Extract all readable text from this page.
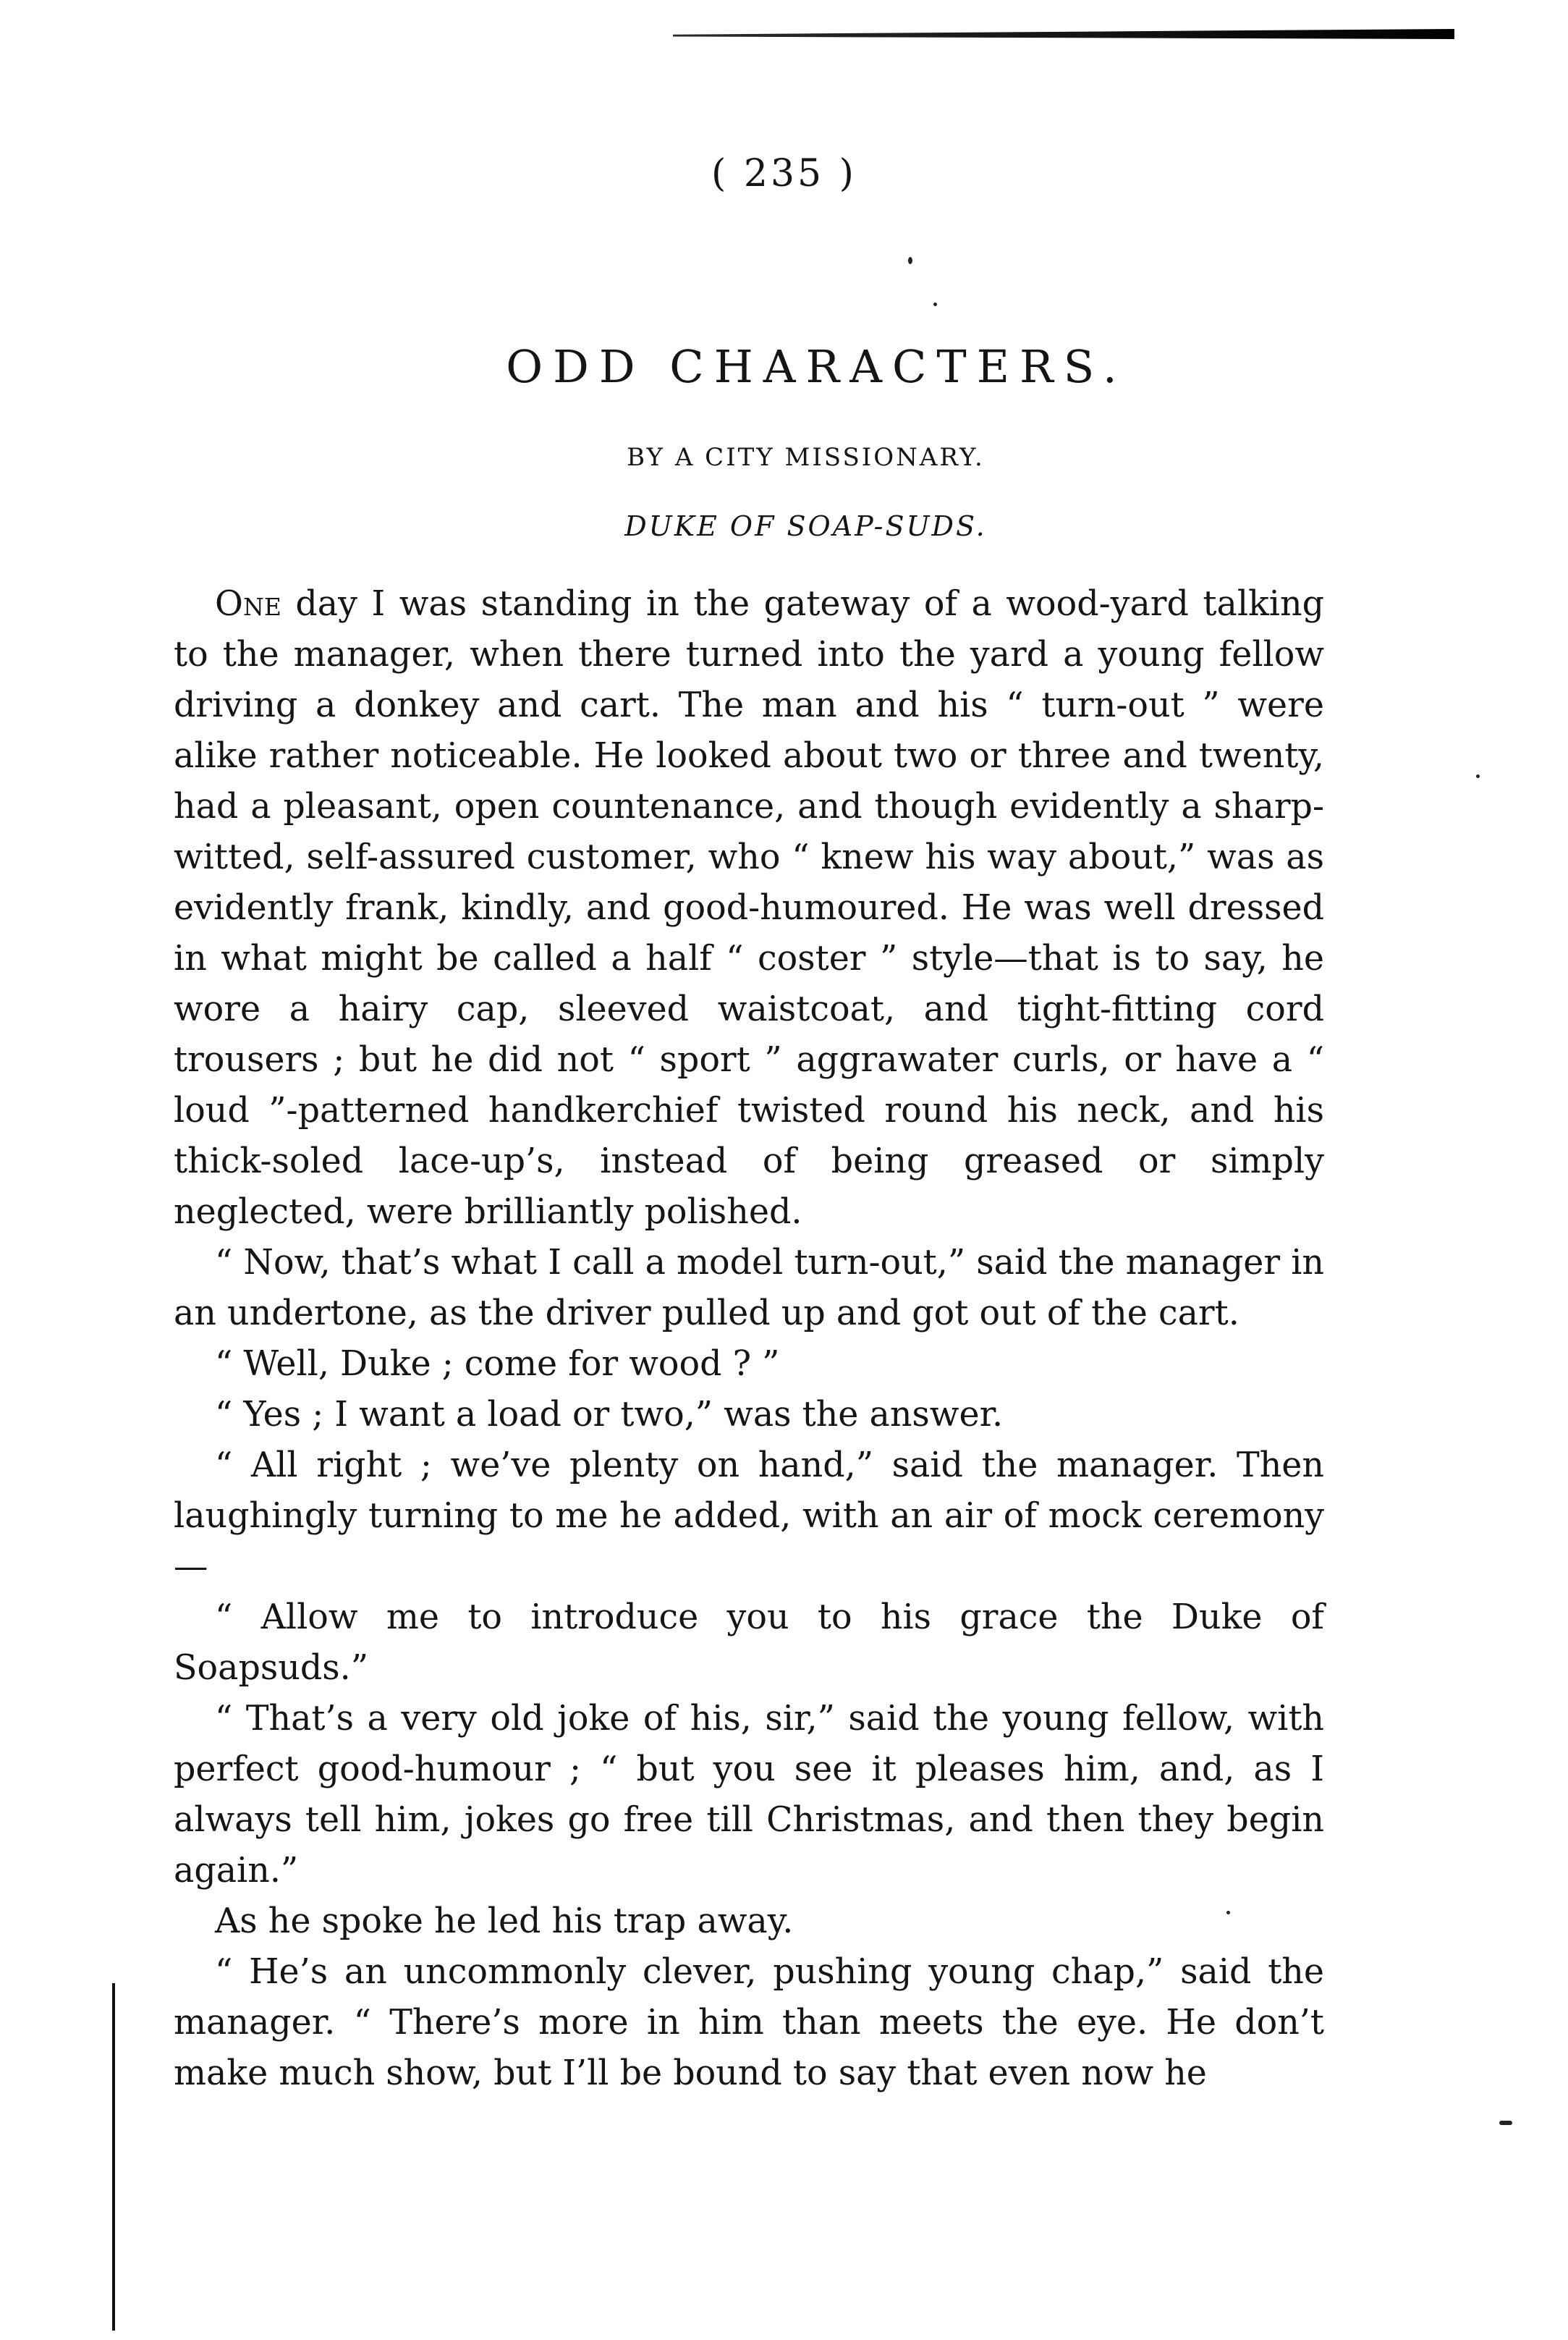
( 235 )
ODD CHARACTERS.
BY A CITY MISSIONARY.
DUKE OF SOAP-SUDS.

One day I was standing in the gateway of a wood-yard talking to the manager, when there turned into the yard a young fellow driving a donkey and cart. The man and his “ turn-out ” were alike rather noticeable. He looked about two or three and twenty, had a pleasant, open countenance, and though evidently a sharp-witted, self-assured customer, who “ knew his way about,” was as evidently frank, kindly, and good-humoured. He was well dressed in what might be called a half “ coster ” style—that is to say, he wore a hairy cap, sleeved waistcoat, and tight-fitting cord trousers ; but he did not “ sport ” aggrawater curls, or have a “ loud ”-patterned handkerchief twisted round his neck, and his thick-soled lace-up’s, instead of being greased or simply neglected, were brilliantly polished.

“ Now, that’s what I call a model turn-out,” said the manager in an undertone, as the driver pulled up and got out of the cart.

“ Well, Duke ; come for wood ? ”

“ Yes ; I want a load or two,” was the answer.

“ All right ; we’ve plenty on hand,” said the manager. Then laughingly turning to me he added, with an air of mock ceremony—

“ Allow me to introduce you to his grace the Duke of Soapsuds.”

“ That’s a very old joke of his, sir,” said the young fellow, with perfect good-humour ; “ but you see it pleases him, and, as I always tell him, jokes go free till Christmas, and then they begin again.”

As he spoke he led his trap away.

“ He’s an uncommonly clever, pushing young chap,” said the manager. “ There’s more in him than meets the eye. He don’t make much show, but I’ll be bound to say that even now he
